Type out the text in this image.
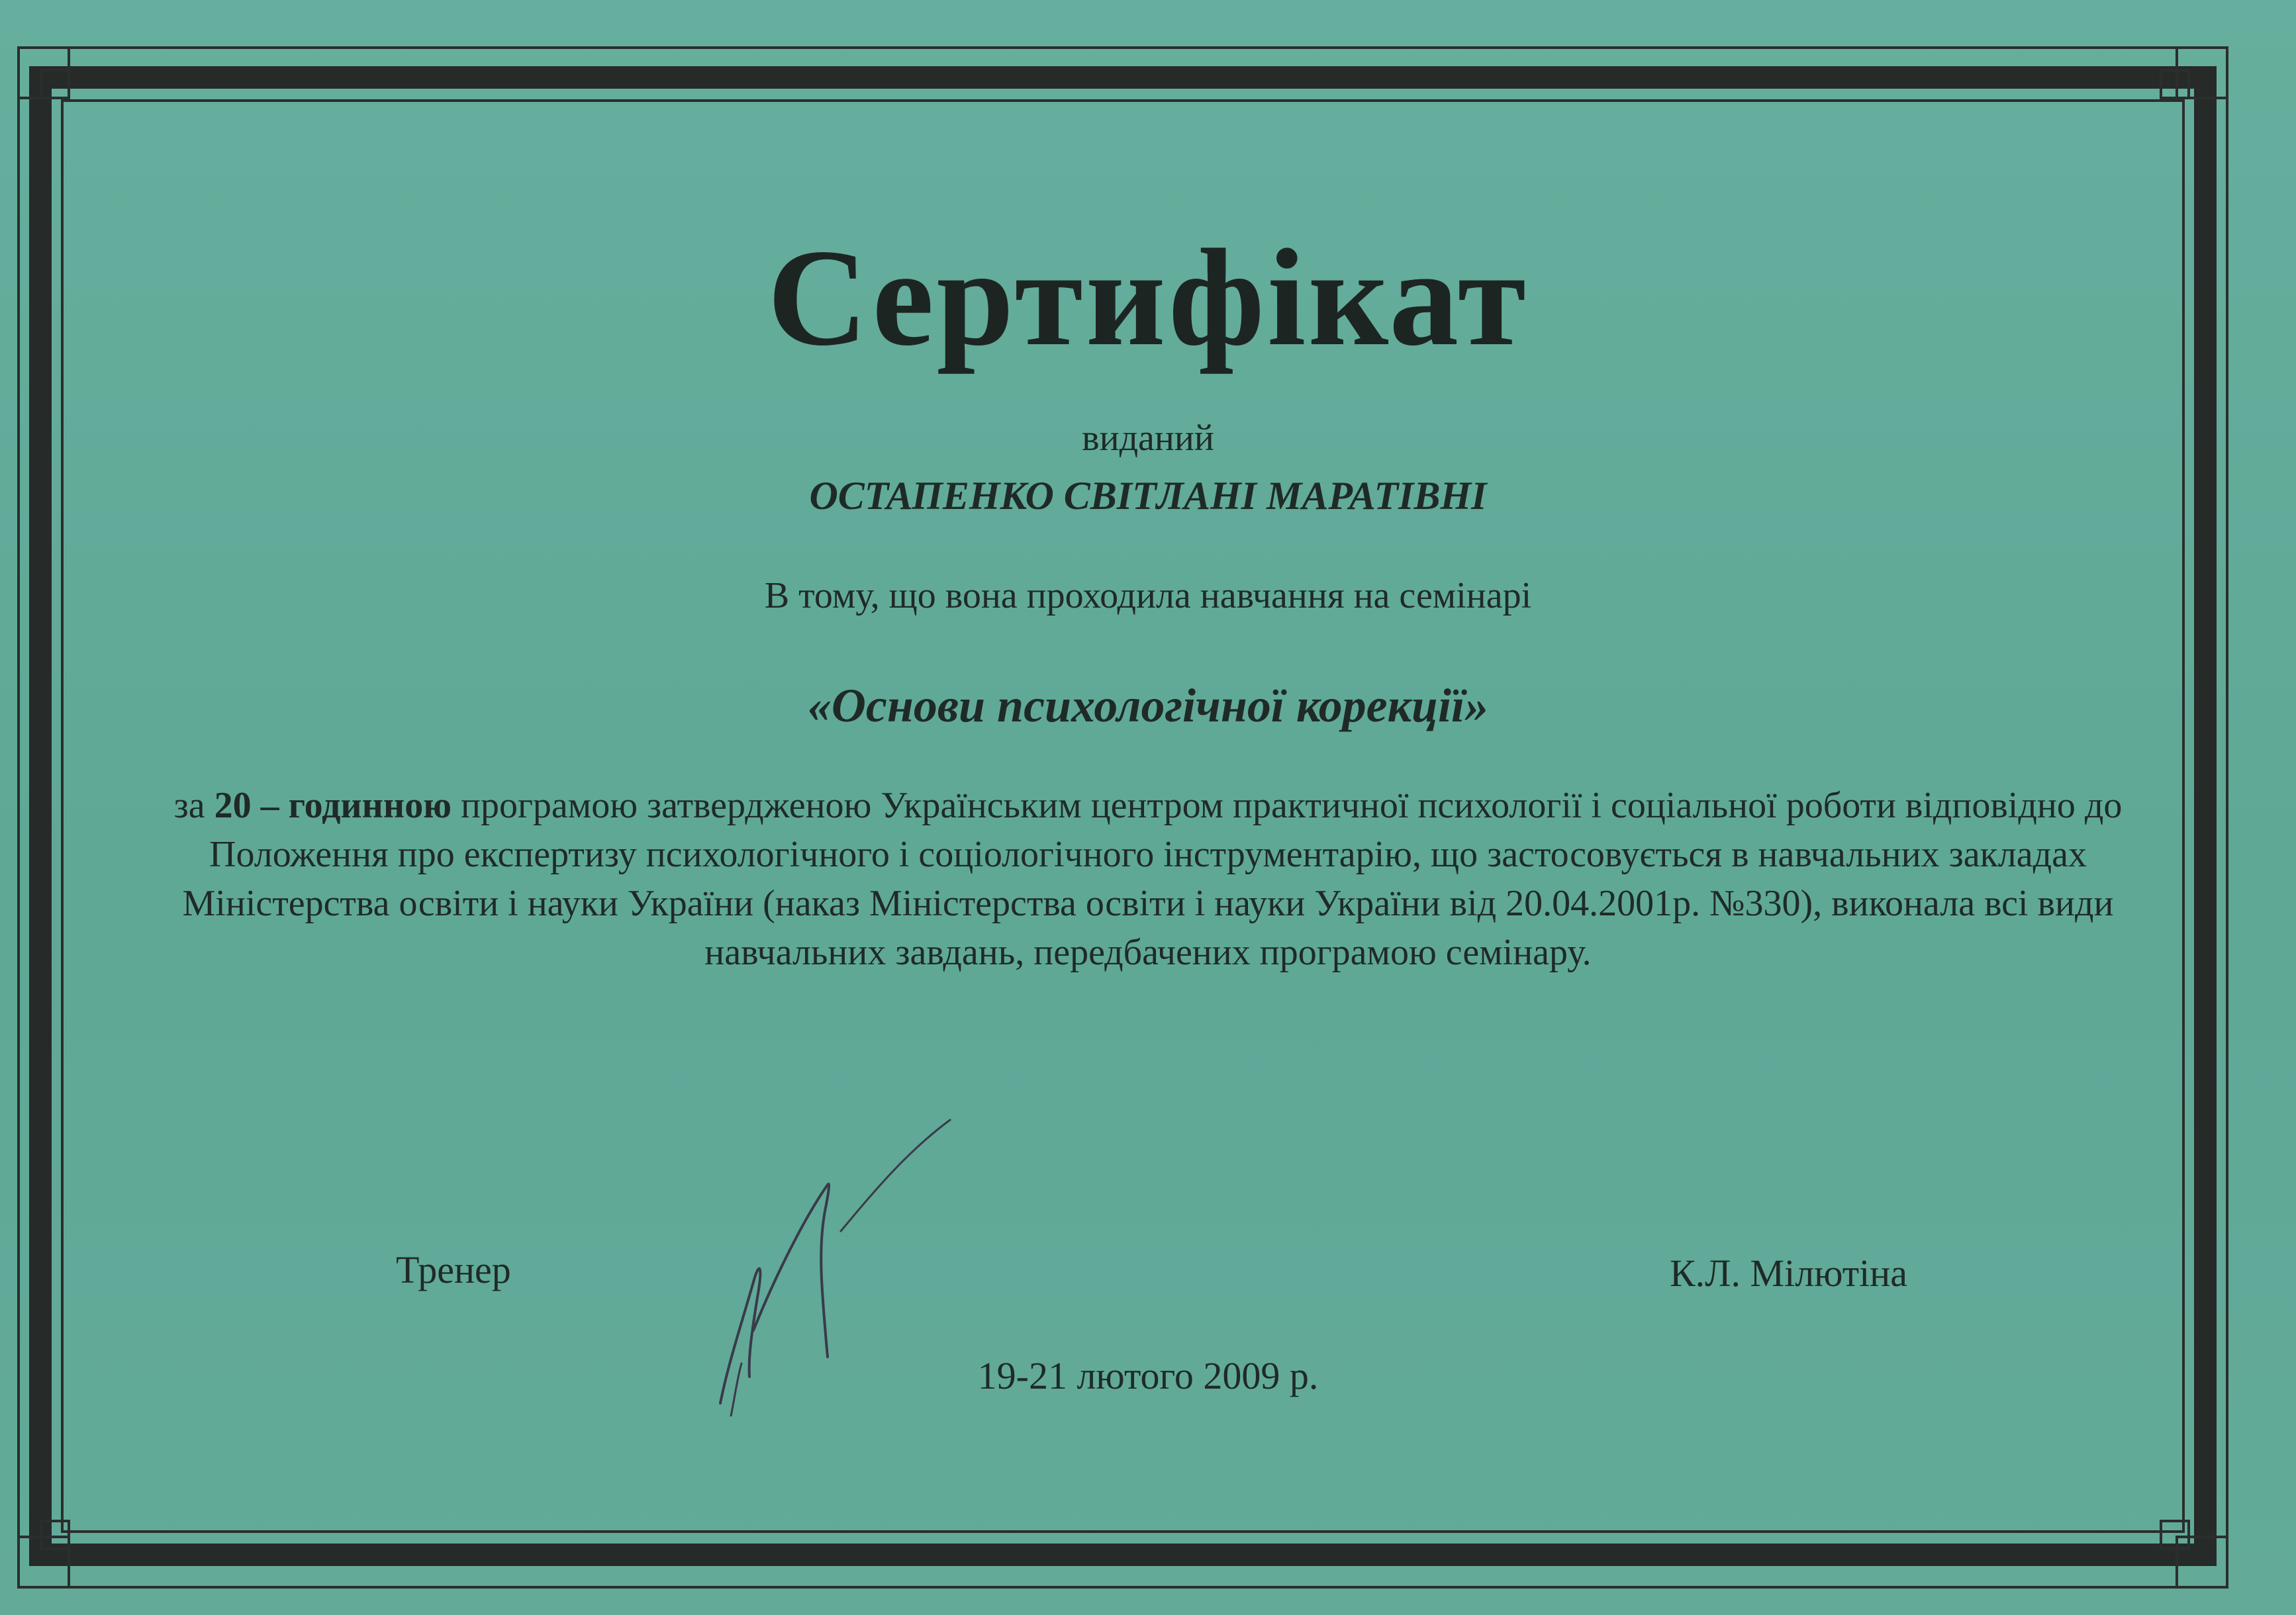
Сертифікат
виданий
ОСТАПЕНКО СВІТЛАНІ МАРАТІВНІ
В тому, що вона проходила навчання на семінарі
«Основи психологічної корекції»
за 20 – годинною програмою затвердженою Українським центром практичної психології і соціальної роботи відповідно до Положення про експертизу психологічного і соціологічного інструментарію, що застосовується в навчальних закладах Міністерства освіти і науки України (наказ Міністерства освіти і науки України від 20.04.2001р. №330), виконала всі види навчальних завдань, передбачених програмою семінару.
Тренер	К.Л. Мілютіна
19-21 лютого 2009 р.
